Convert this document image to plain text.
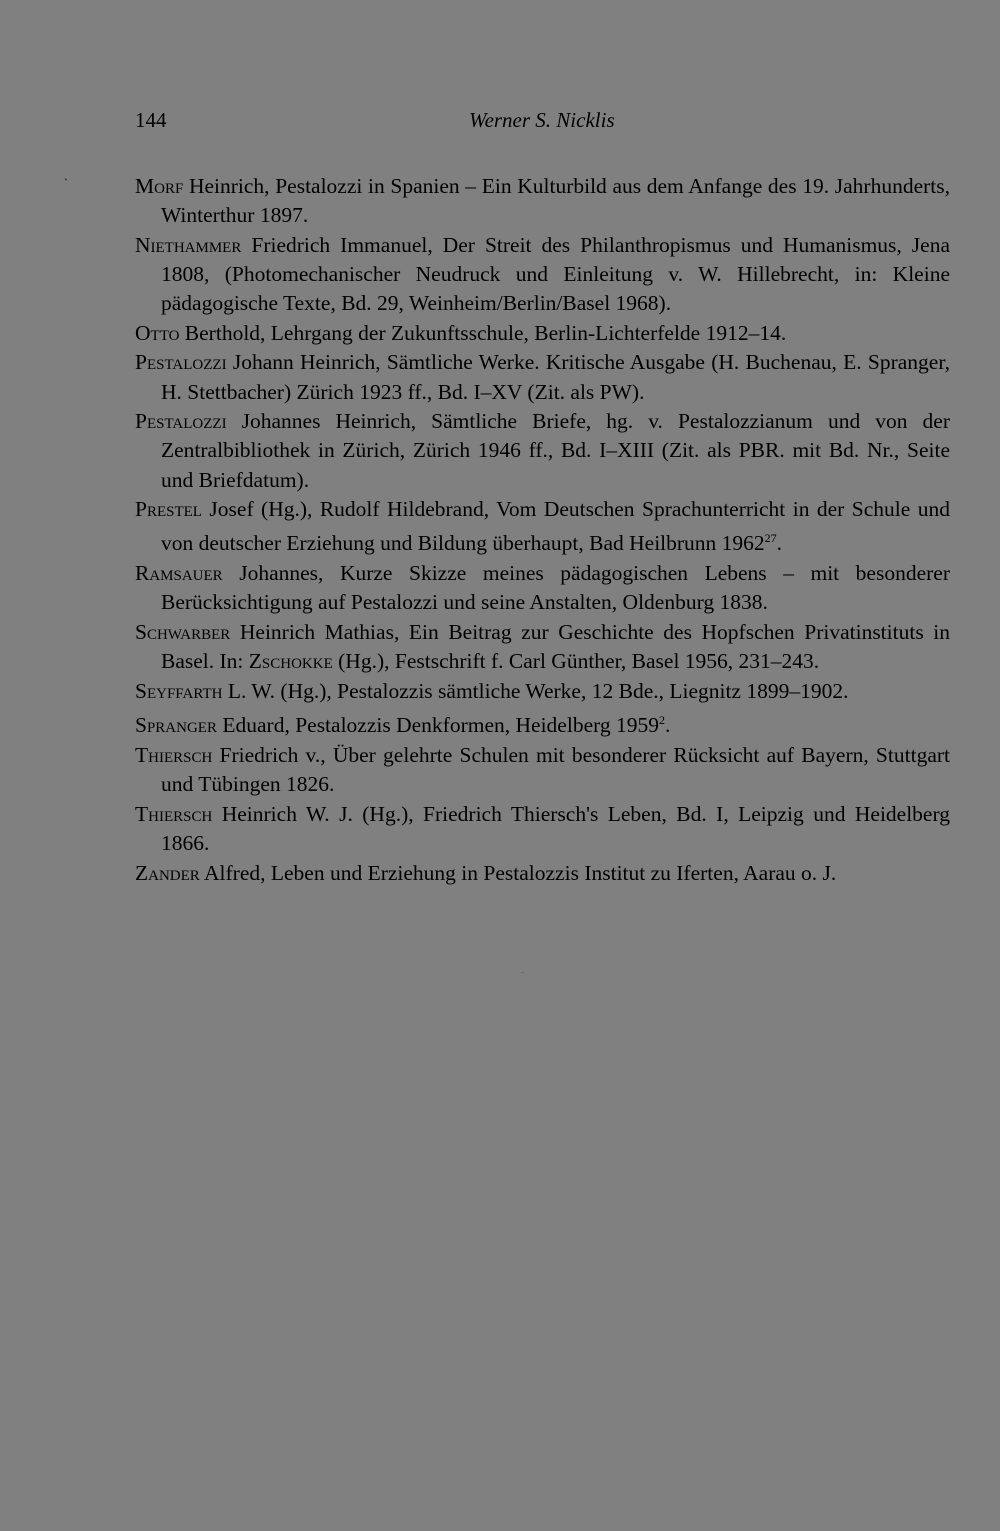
144	Werner S. Nicklis
`	Morf Heinrich, Pestalozzi in Spanien – Ein Kulturbild aus dem Anfange des 19. Jahrhunderts, Winterthur 1897.
Niethammer Friedrich Immanuel, Der Streit des Philanthropismus und Humanismus, Jena 1808, (Photomechanischer Neudruck und Einleitung v. W. Hillebrecht, in: Kleine pädagogische Texte, Bd. 29, Weinheim/Berlin/Basel 1968).
Otto Berthold, Lehrgang der Zukunftsschule, Berlin-Lichterfelde 1912–14.
Pestalozzi Johann Heinrich, Sämtliche Werke. Kritische Ausgabe (H. Buchenau, E. Spranger, H. Stettbacher) Zürich 1923 ff., Bd. I–XV (Zit. als PW).
Pestalozzi Johannes Heinrich, Sämtliche Briefe, hg. v. Pestalozzianum und von der Zentralbibliothek in Zürich, Zürich 1946 ff., Bd. I–XIII (Zit. als PBR. mit Bd. Nr., Seite und Briefdatum).
Prestel Josef (Hg.), Rudolf Hildebrand, Vom Deutschen Sprachunterricht in der Schule und von deutscher Erziehung und Bildung überhaupt, Bad Heilbrunn 1962$^{27}$.
Ramsauer Johannes, Kurze Skizze meines pädagogischen Lebens – mit besonderer Berücksichtigung auf Pestalozzi und seine Anstalten, Oldenburg 1838.
Schwarber Heinrich Mathias, Ein Beitrag zur Geschichte des Hopfschen Privatinstituts in Basel. In: Zschokke (Hg.), Festschrift f. Carl Günther, Basel 1956, 231–243.
Seyffarth L. W. (Hg.), Pestalozzis sämtliche Werke, 12 Bde., Liegnitz 1899–1902.
Spranger Eduard, Pestalozzis Denkformen, Heidelberg 1959$^2$.
Thiersch Friedrich v., Über gelehrte Schulen mit besonderer Rücksicht auf Bayern, Stuttgart und Tübingen 1826.
Thiersch Heinrich W. J. (Hg.), Friedrich Thiersch's Leben, Bd. I, Leipzig und Heidelberg 1866.
Zander Alfred, Leben und Erziehung in Pestalozzis Institut zu Iferten, Aarau o. J.
